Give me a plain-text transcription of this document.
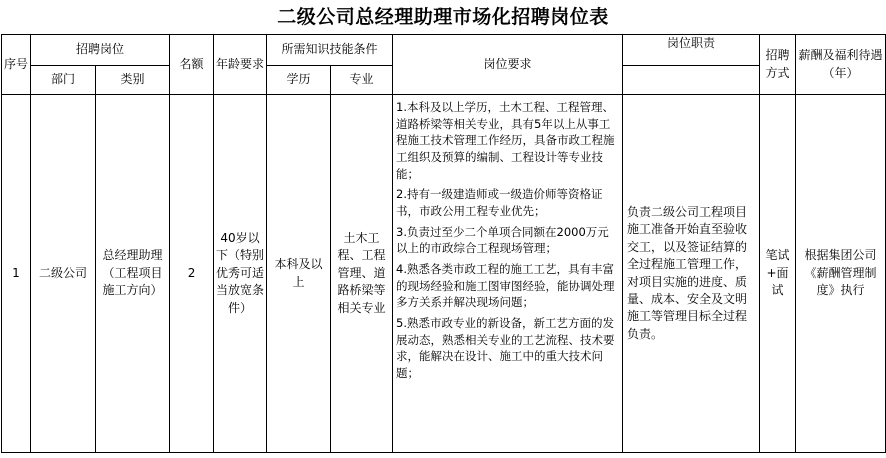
二级公司总经理助理市场化招聘岗位表
序号	招聘岗位		名额	年龄要求	所需知识技能条件		岗位要求	岗位职责	招聘方式	薪酬及福利待遇（年）
	部门	类别			学历	专业				
1	二级公司	总经理助理（工程项目施工方向）	2	40岁以下（特别优秀可适当放宽条件）	本科及以上	土木工程、工程管理、道路桥梁等相关专业	1.本科及以上学历，土木工程、工程管理、道路桥梁等相关专业，具有5年以上从事工程施工技术管理工作经历，具备市政工程施工组织及预算的编制、工程设计等专业技能；

2.持有一级建造师或一级造价师等资格证书，市政公用工程专业优先；

3.负责过至少二个单项合同额在2000万元以上的市政综合工程现场管理；

4.熟悉各类市政工程的施工工艺，具有丰富的现场经验和施工图审图经验，能协调处理多方关系并解决现场问题；

5.熟悉市政专业的新设备，新工艺方面的发展动态，熟悉相关专业的工艺流程、技术要求，能解决在设计、施工中的重大技术问题；	负责二级公司工程项目施工准备开始直至验收交工，以及签证结算的全过程施工管理工作，对项目实施的进度、质量、成本、安全及文明施工等管理目标全过程负责。	笔试+面试	根据集团公司《薪酬管理制度》执行
